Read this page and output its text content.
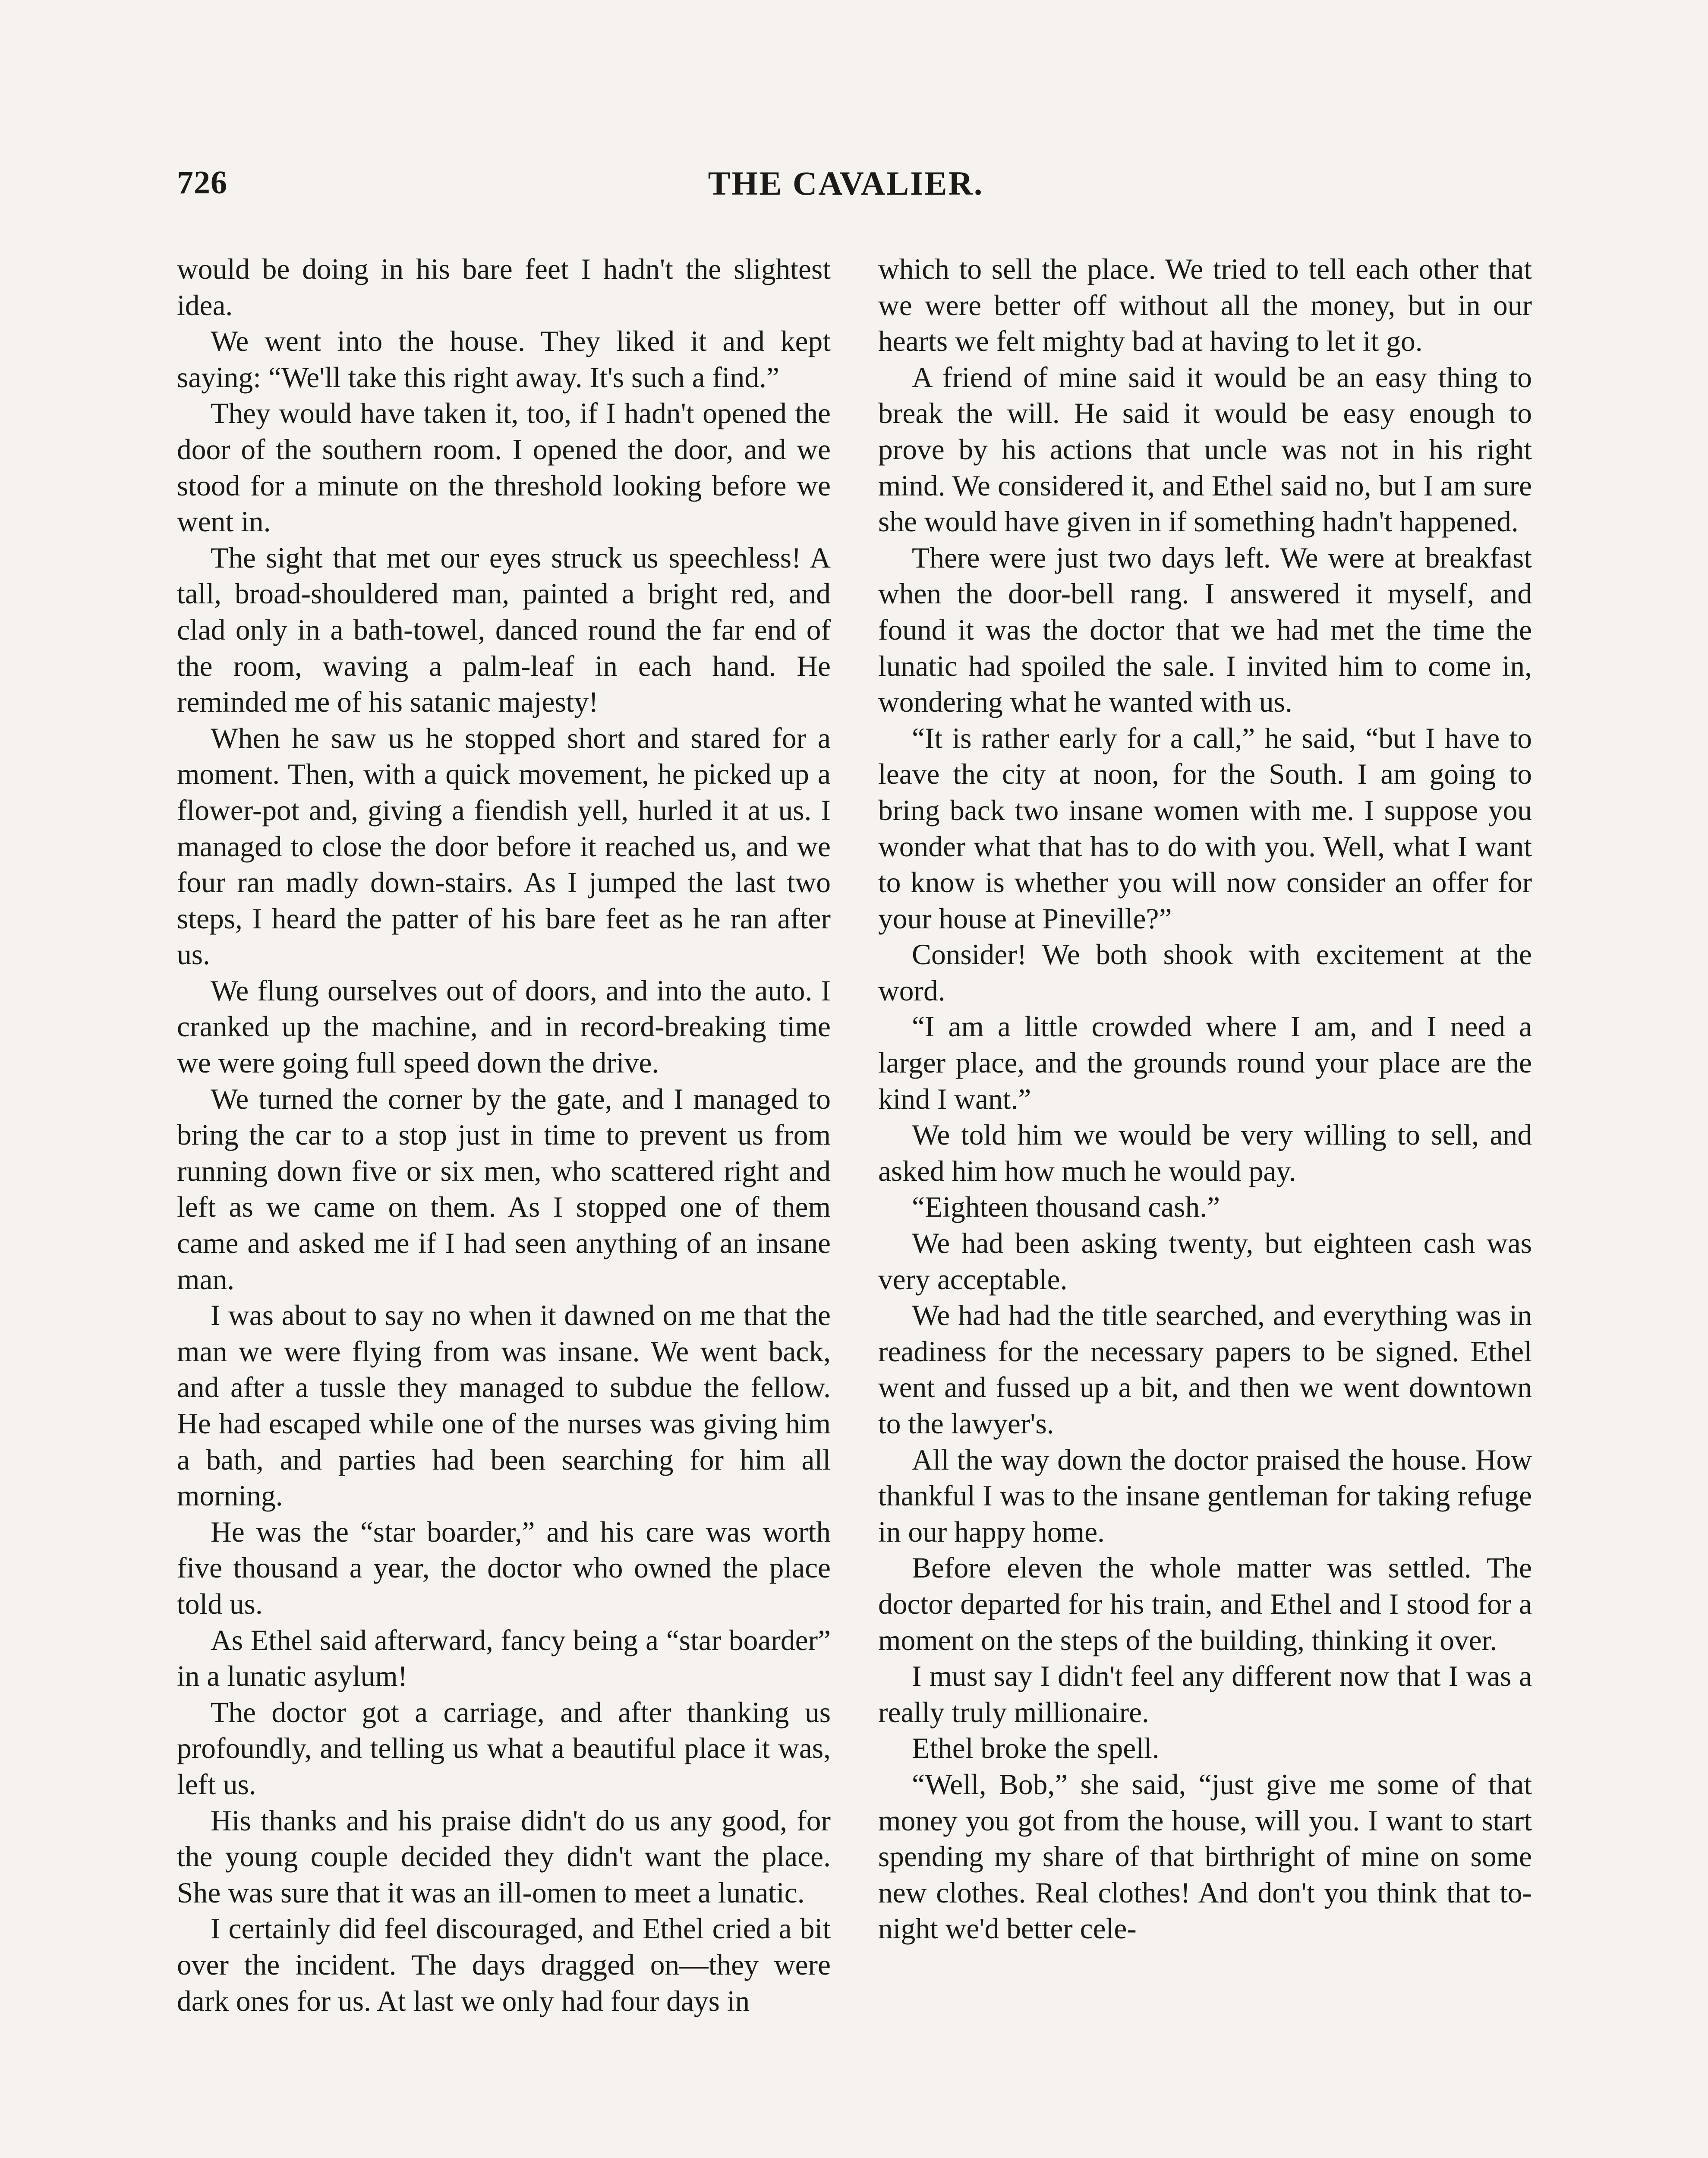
726	THE CAVALIER.

would be doing in his bare feet I hadn't the slightest idea.

We went into the house. They liked it and kept saying: “We'll take this right away. It's such a find.”

They would have taken it, too, if I hadn't opened the door of the southern room. I opened the door, and we stood for a minute on the threshold looking before we went in.

The sight that met our eyes struck us speechless! A tall, broad-shouldered man, painted a bright red, and clad only in a bath-towel, danced round the far end of the room, waving a palm-leaf in each hand. He reminded me of his satanic majesty!

When he saw us he stopped short and stared for a moment. Then, with a quick movement, he picked up a flower-pot and, giving a fiendish yell, hurled it at us. I managed to close the door before it reached us, and we four ran madly down-stairs. As I jumped the last two steps, I heard the patter of his bare feet as he ran after us.

We flung ourselves out of doors, and into the auto. I cranked up the machine, and in record-breaking time we were going full speed down the drive.

We turned the corner by the gate, and I managed to bring the car to a stop just in time to prevent us from running down five or six men, who scattered right and left as we came on them. As I stopped one of them came and asked me if I had seen anything of an insane man.

I was about to say no when it dawned on me that the man we were flying from was insane. We went back, and after a tussle they managed to subdue the fellow. He had escaped while one of the nurses was giving him a bath, and parties had been searching for him all morning.

He was the “star boarder,” and his care was worth five thousand a year, the doctor who owned the place told us.

As Ethel said afterward, fancy being a “star boarder” in a lunatic asylum!

The doctor got a carriage, and after thanking us profoundly, and telling us what a beautiful place it was, left us.

His thanks and his praise didn't do us any good, for the young couple decided they didn't want the place. She was sure that it was an ill-omen to meet a lunatic.

I certainly did feel discouraged, and Ethel cried a bit over the incident. The days dragged on—they were dark ones for us. At last we only had four days in

which to sell the place. We tried to tell each other that we were better off without all the money, but in our hearts we felt mighty bad at having to let it go.

A friend of mine said it would be an easy thing to break the will. He said it would be easy enough to prove by his actions that uncle was not in his right mind. We considered it, and Ethel said no, but I am sure she would have given in if something hadn't happened.

There were just two days left. We were at breakfast when the door-bell rang. I answered it myself, and found it was the doctor that we had met the time the lunatic had spoiled the sale. I invited him to come in, wondering what he wanted with us.

“It is rather early for a call,” he said, “but I have to leave the city at noon, for the South. I am going to bring back two insane women with me. I suppose you wonder what that has to do with you. Well, what I want to know is whether you will now consider an offer for your house at Pineville?”

Consider! We both shook with excitement at the word.

“I am a little crowded where I am, and I need a larger place, and the grounds round your place are the kind I want.”

We told him we would be very willing to sell, and asked him how much he would pay.

“Eighteen thousand cash.”

We had been asking twenty, but eighteen cash was very acceptable.

We had had the title searched, and everything was in readiness for the necessary papers to be signed. Ethel went and fussed up a bit, and then we went downtown to the lawyer's.

All the way down the doctor praised the house. How thankful I was to the insane gentleman for taking refuge in our happy home.

Before eleven the whole matter was settled. The doctor departed for his train, and Ethel and I stood for a moment on the steps of the building, thinking it over.

I must say I didn't feel any different now that I was a really truly millionaire.

Ethel broke the spell.

“Well, Bob,” she said, “just give me some of that money you got from the house, will you. I want to start spending my share of that birthright of mine on some new clothes. Real clothes! And don't you think that to-night we'd better cele-
